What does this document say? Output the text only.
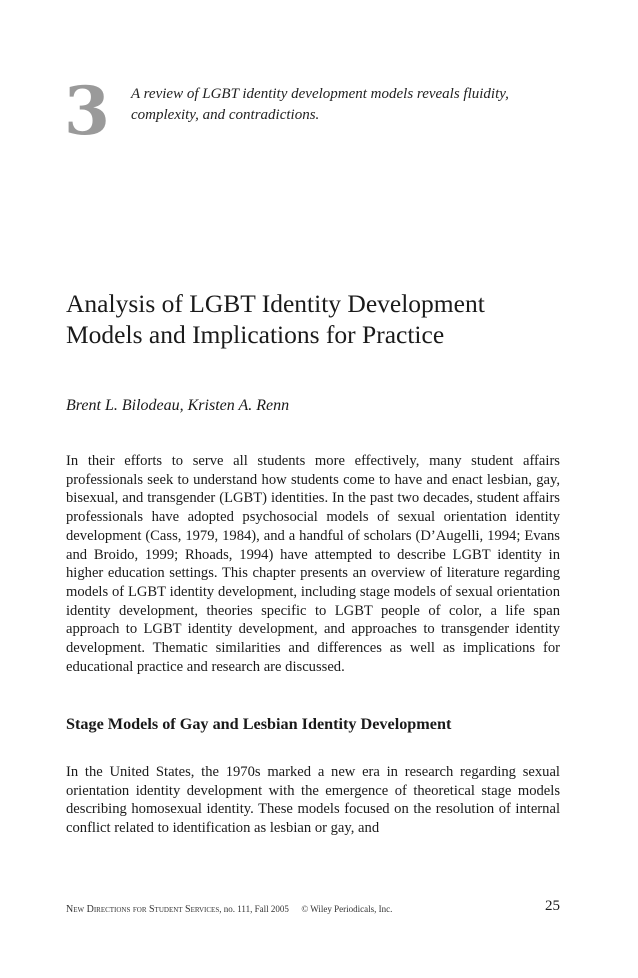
3 A review of LGBT identity development models reveals fluidity, complexity, and contradictions.
Analysis of LGBT Identity Development Models and Implications for Practice
Brent L. Bilodeau, Kristen A. Renn

In their efforts to serve all students more effectively, many student affairs professionals seek to understand how students come to have and enact lesbian, gay, bisexual, and transgender (LGBT) identities. In the past two decades, student affairs professionals have adopted psychosocial models of sexual orientation identity development (Cass, 1979, 1984), and a handful of scholars (D’Augelli, 1994; Evans and Broido, 1999; Rhoads, 1994) have attempted to describe LGBT identity in higher education settings. This chapter presents an overview of literature regarding models of LGBT identity development, including stage models of sexual orientation identity development, theories specific to LGBT people of color, a life span approach to LGBT identity development, and approaches to transgender identity development. Thematic similarities and differences as well as implications for educational practice and research are discussed.

Stage Models of Gay and Lesbian Identity Development

In the United States, the 1970s marked a new era in research regarding sexual orientation identity development with the emergence of theoretical stage models describing homosexual identity. These models focused on the resolution of internal conflict related to identification as lesbian or gay, and

New Directions for Student Services, no. 111, Fall 2005 © Wiley Periodicals, Inc.	25
